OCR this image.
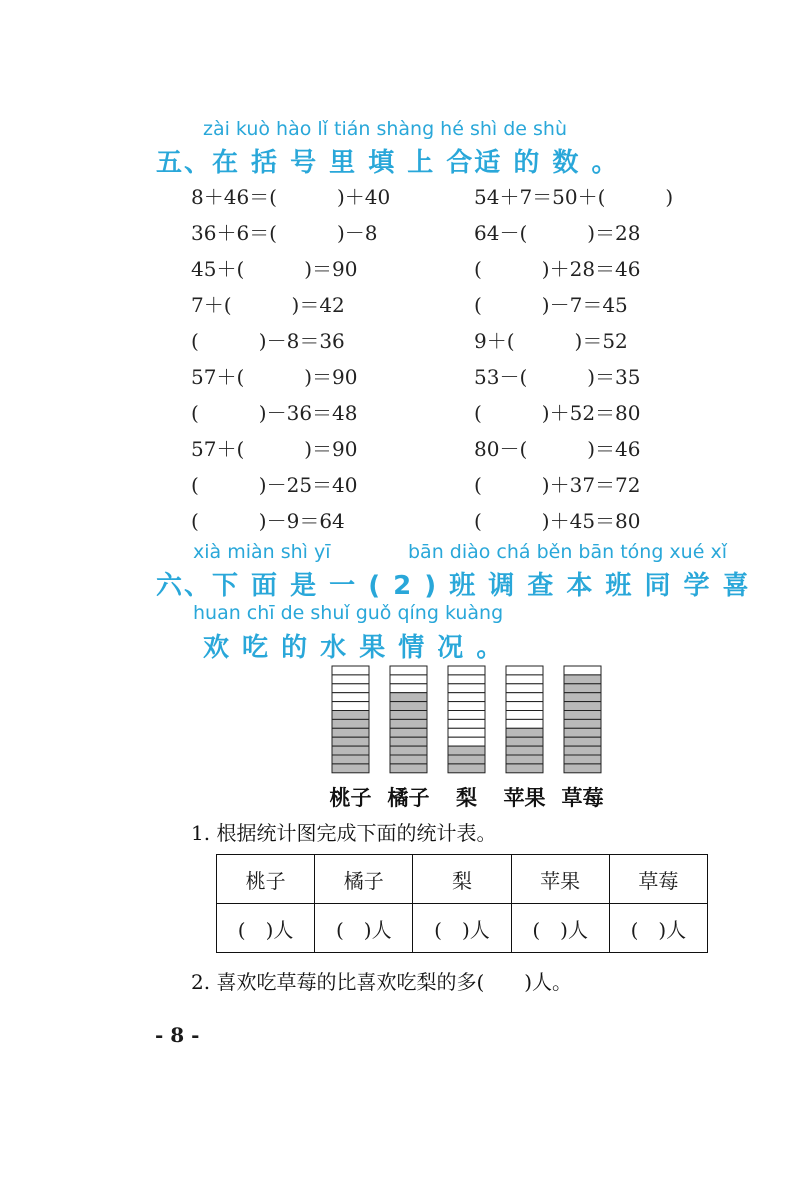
zài kuò hào lǐ tián shàng hé shì de shù
五、在 括 号 里 填 上 合适 的 数 。
8＋46＝(　　　)＋40
36＋6＝(　　　)－8
45＋(　　　)＝90
7＋(　　　)＝42
(　　　)－8＝36
57＋(　　　)＝90
(　　　)－36＝48
57＋(　　　)＝90
(　　　)－25＝40
(　　　)－9＝64
54＋7＝50＋(　　　)
64－(　　　)＝28
(　　　)＋28＝46
(　　　)－7＝45
9＋(　　　)＝52
53－(　　　)＝35
(　　　)＋52＝80
80－(　　　)＝46
(　　　)＋37＝72
(　　　)＋45＝80
xià miàn shì yī	bān diào chá běn bān tóng xué xǐ
六、下 面 是 一 ( 2 ) 班 调 查 本 班 同 学 喜
huan chī de shuǐ guǒ qíng kuàng
欢 吃 的 水 果 情 况 。
桃子 橘子	梨	苹果 草莓
1. 根据统计图完成下面的统计表。
桃子	橘子	梨	苹果	草莓
(　)人	(　)人	(　)人	(　)人	(　)人
2. 喜欢吃草莓的比喜欢吃梨的多(　　)人。
- 8 -
